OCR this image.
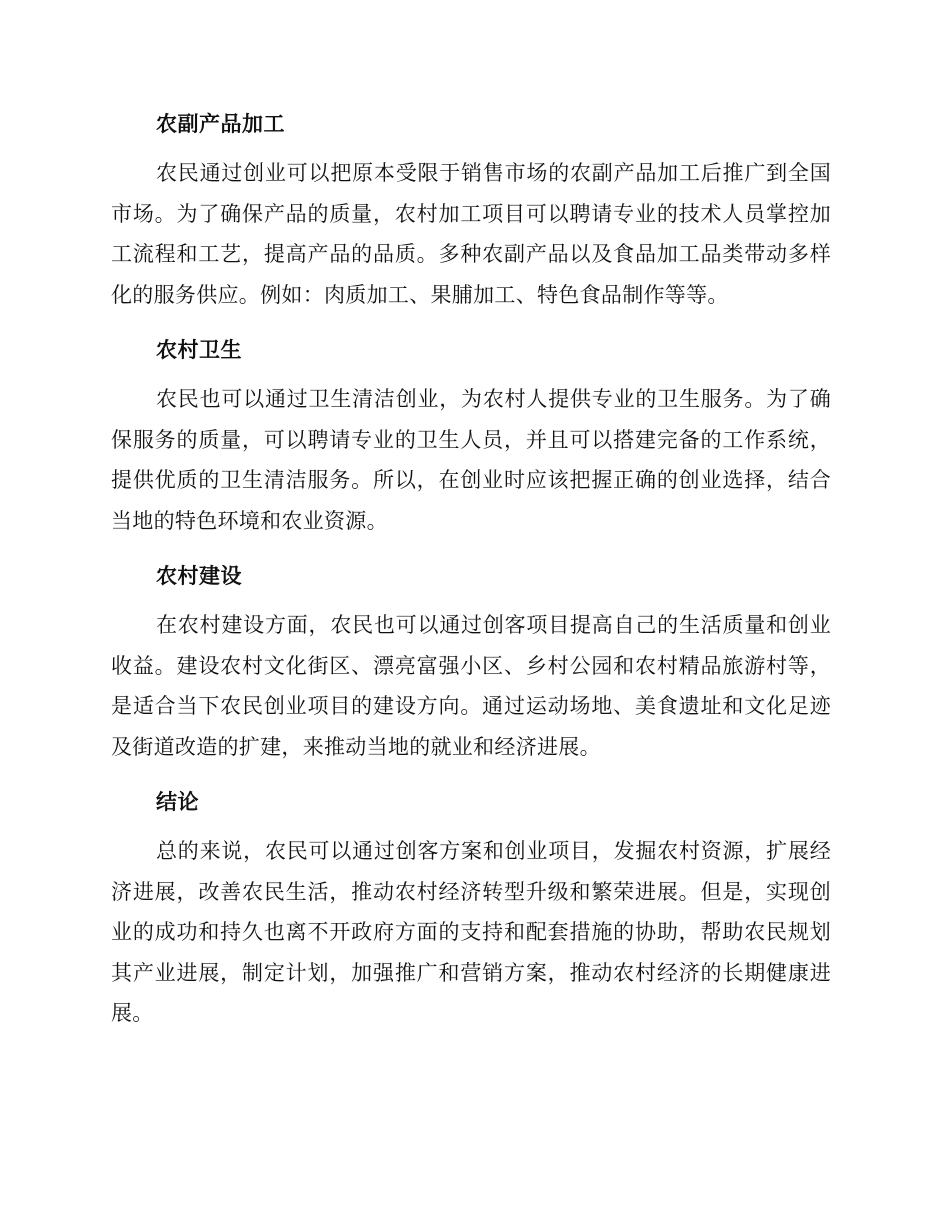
农副产品加工

农民通过创业可以把原本受限于销售市场的农副产品加工后推广到全国市场。为了确保产品的质量，农村加工项目可以聘请专业的技术人员掌控加工流程和工艺，提高产品的品质。多种农副产品以及食品加工品类带动多样化的服务供应。例如：肉质加工、果脯加工、特色食品制作等等。

农村卫生

农民也可以通过卫生清洁创业，为农村人提供专业的卫生服务。为了确保服务的质量，可以聘请专业的卫生人员，并且可以搭建完备的工作系统，提供优质的卫生清洁服务。所以，在创业时应该把握正确的创业选择，结合当地的特色环境和农业资源。

农村建设

在农村建设方面，农民也可以通过创客项目提高自己的生活质量和创业收益。建设农村文化街区、漂亮富强小区、乡村公园和农村精品旅游村等，是适合当下农民创业项目的建设方向。通过运动场地、美食遗址和文化足迹及街道改造的扩建，来推动当地的就业和经济进展。

结论

总的来说，农民可以通过创客方案和创业项目，发掘农村资源，扩展经济进展，改善农民生活，推动农村经济转型升级和繁荣进展。但是，实现创业的成功和持久也离不开政府方面的支持和配套措施的协助，帮助农民规划其产业进展，制定计划，加强推广和营销方案，推动农村经济的长期健康进展。
